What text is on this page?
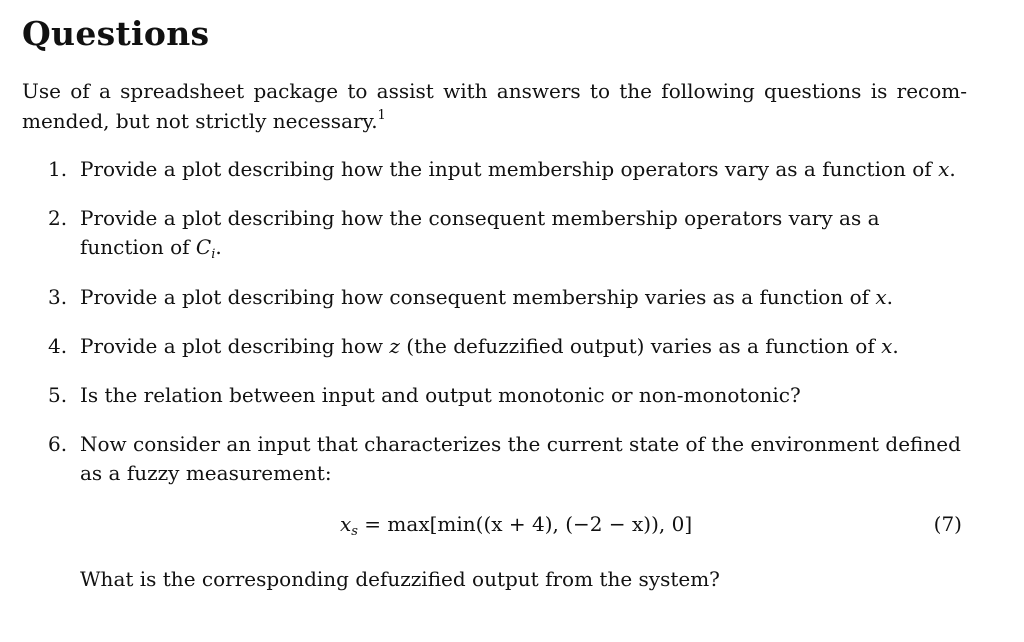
Questions
Use of a spreadsheet package to assist with answers to the following questions is recom-mended, but not strictly necessary.$^1$
1. Provide a plot describing how the input membership operators vary as a function of x.
2. Provide a plot describing how the consequent membership operators vary as a function of $C_i$.
3. Provide a plot describing how consequent membership varies as a function of x.
4. Provide a plot describing how z (the defuzzified output) varies as a function of x.
5. Is the relation between input and output monotonic or non-monotonic?
6. Now consider an input that characterizes the current state of the environment defined as a fuzzy measurement:
$x_s = \max[\min((x + 4)$, (−2 − x)), 0]	(7)
What is the corresponding defuzzified output from the system?
